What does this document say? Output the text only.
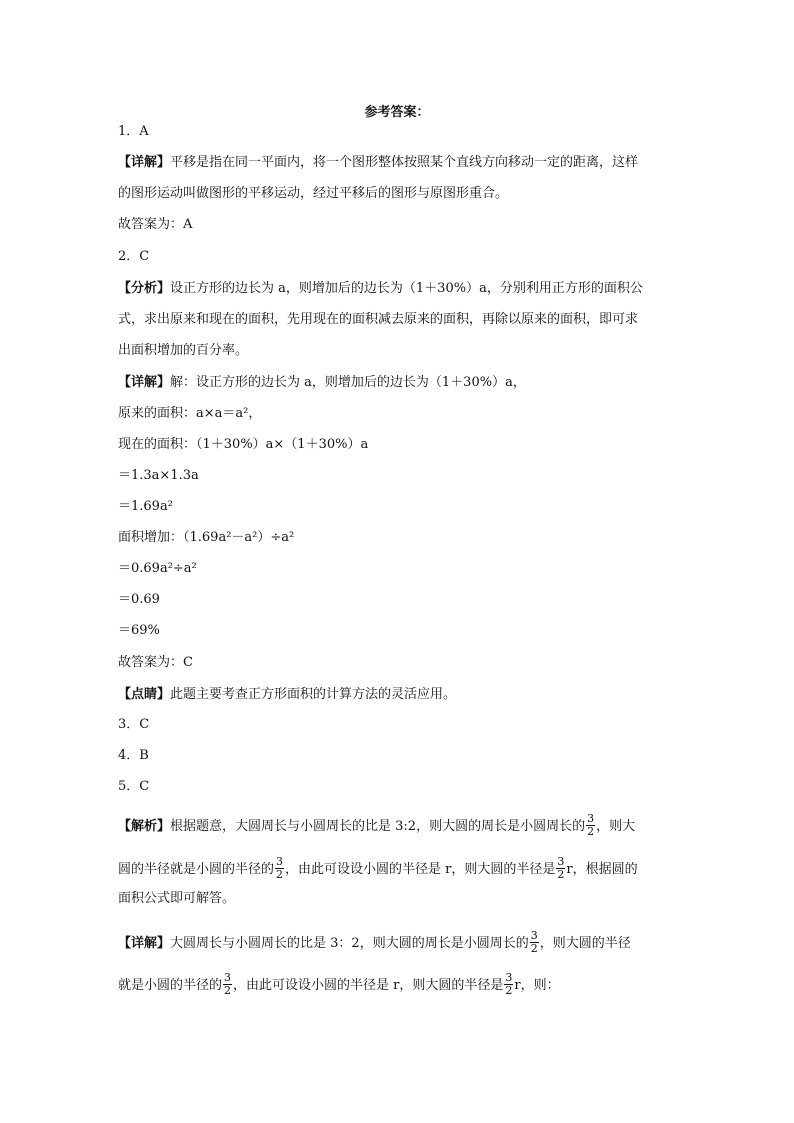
参考答案：
1．A
【详解】平移是指在同一平面内，将一个图形整体按照某个直线方向移动一定的距离，这样
的图形运动叫做图形的平移运动，经过平移后的图形与原图形重合。
故答案为：A
2．C
【分析】设正方形的边长为 a，则增加后的边长为（1＋30%）a，分别利用正方形的面积公
式，求出原来和现在的面积，先用现在的面积减去原来的面积，再除以原来的面积，即可求
出面积增加的百分率。
【详解】解：设正方形的边长为 a，则增加后的边长为（1＋30%）a，
原来的面积：a×a＝a²，
现在的面积：（1＋30%）a×（1＋30%）a
＝1.3a×1.3a
＝1.69a²
面积增加：（1.69a²－a²）÷a²
＝0.69a²÷a²
＝0.69
＝69%
故答案为：C
【点睛】此题主要考查正方形面积的计算方法的灵活应用。
3．C
4．B
5．C
【解析】根据题意，大圆周长与小圆周长的比是 3:2，则大圆的周长是小圆周长的 $\frac{3}{2}$ ，则大
圆的半径就是小圆的半径的 $\frac{3}{2}$ ，由此可设设小圆的半径是 r，则大圆的半径是 $\frac{3}{2}$ r，根据圆的
面积公式即可解答。
【详解】大圆周长与小圆周长的比是 3：2，则大圆的周长是小圆周长的 $\frac{3}{2}$ ，则大圆的半径
就是小圆的半径的 $\frac{3}{2}$ ，由此可设设小圆的半径是 r，则大圆的半径是 $\frac{3}{2}$ r，则：
